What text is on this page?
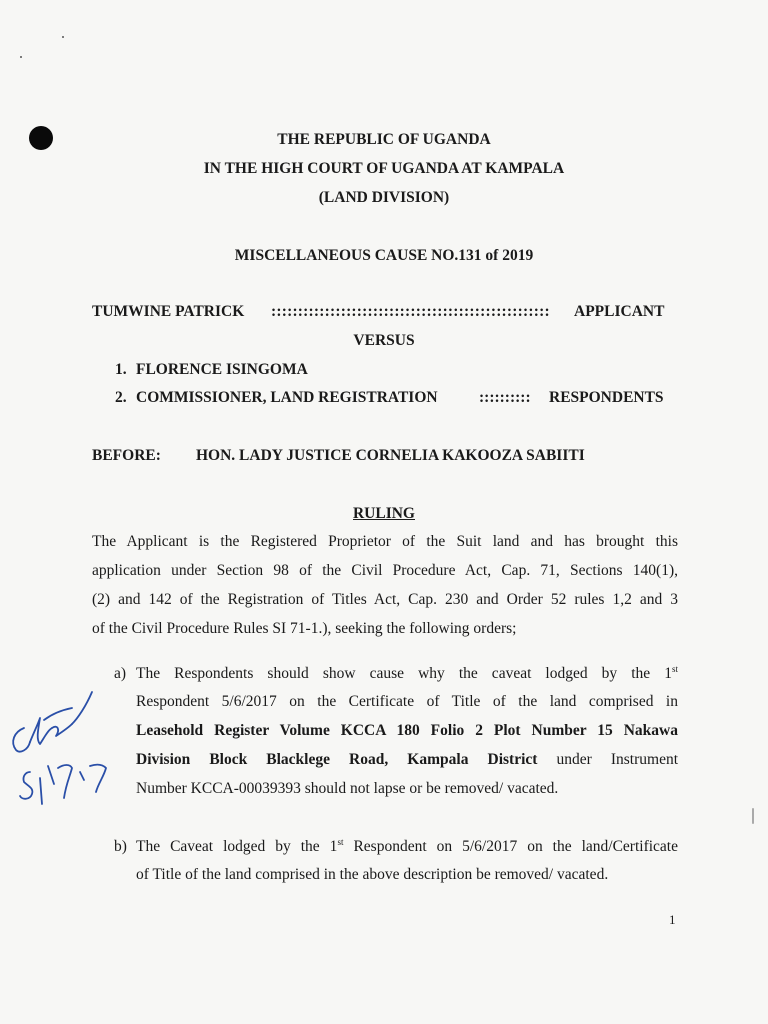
THE REPUBLIC OF UGANDA
IN THE HIGH COURT OF UGANDA AT KAMPALA
(LAND DIVISION)
MISCELLANEOUS CAUSE NO.131 of 2019
TUMWINE PATRICK :::::::::::::::::::::::::::::::::::::::::::::::::::: APPLICANT
VERSUS
1. FLORENCE ISINGOMA
2. COMMISSIONER, LAND REGISTRATION	:::::::::: RESPONDENTS
BEFORE: HON. LADY JUSTICE CORNELIA KAKOOZA SABIITI
RULING
The Applicant is the Registered Proprietor of the Suit land and has brought this
application under Section 98 of the Civil Procedure Act, Cap. 71, Sections 140(1),
(2) and 142 of the Registration of Titles Act, Cap. 230 and Order 52 rules 1,2 and 3
of the Civil Procedure Rules SI 71-1.), seeking the following orders;
a) The Respondents should show cause why the caveat lodged by the 1st
Respondent 5/6/2017 on the Certificate of Title of the land comprised in
Leasehold Register Volume KCCA 180 Folio 2 Plot Number 15 Nakawa
Division Block Blacklege Road, Kampala District under Instrument
Number KCCA-00039393 should not lapse or be removed/ vacated.
b) The Caveat lodged by the 1st Respondent on 5/6/2017 on the land/Certificate
of Title of the land comprised in the above description be removed/ vacated.
1
